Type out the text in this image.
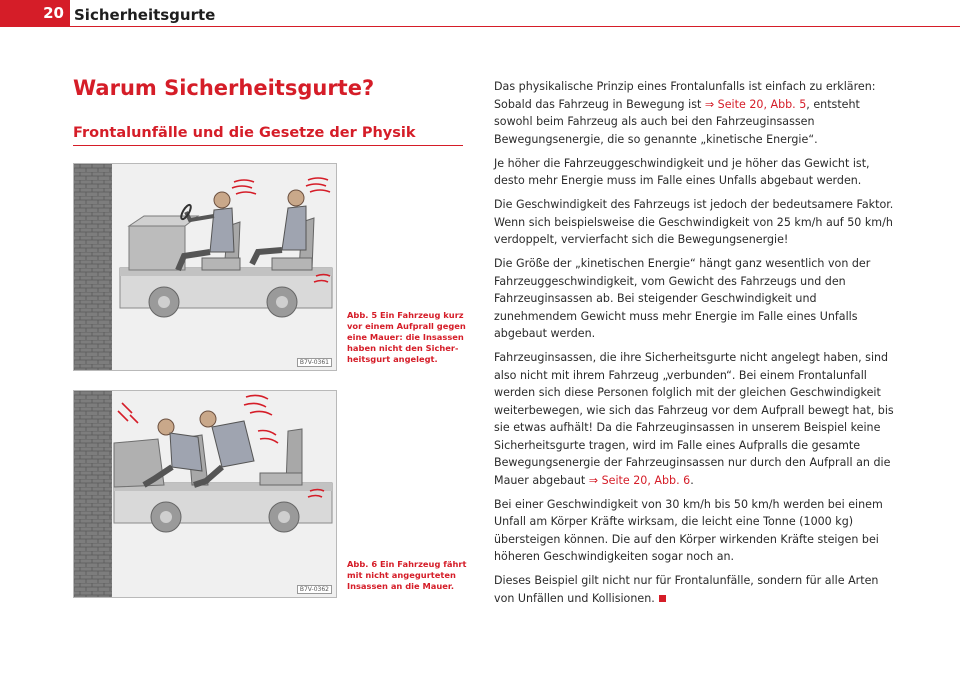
20 Sicherheitsgurte
Warum Sicherheitsgurte?
Frontalunfälle und die Gesetze der Physik
B7V-0361

Abb. 5 Ein Fahrzeug kurz vor einem Aufprall gegen eine Mauer: die Insassen haben nicht den Sicherheitsgurt angelegt.

B7V-0362

Abb. 6 Ein Fahrzeug fährt mit nicht angegurteten Insassen an die Mauer.

Das physikalische Prinzip eines Frontalunfalls ist einfach zu erklären: Sobald das Fahrzeug in Bewegung ist ⇒ Seite 20, Abb. 5, entsteht sowohl beim Fahrzeug als auch bei den Fahrzeuginsassen Bewegungsenergie, die so genannte „kinetische Energie“.

Je höher die Fahrzeuggeschwindigkeit und je höher das Gewicht ist, desto mehr Energie muss im Falle eines Unfalls abgebaut werden.

Die Geschwindigkeit des Fahrzeugs ist jedoch der bedeutsamere Faktor. Wenn sich beispielsweise die Geschwindigkeit von 25 km/h auf 50 km/h verdoppelt, vervierfacht sich die Bewegungsenergie!

Die Größe der „kinetischen Energie“ hängt ganz wesentlich von der Fahrzeuggeschwindigkeit, vom Gewicht des Fahrzeugs und den Fahrzeuginsassen ab. Bei steigender Geschwindigkeit und zunehmendem Gewicht muss mehr Energie im Falle eines Unfalls abgebaut werden.

Fahrzeuginsassen, die ihre Sicherheitsgurte nicht angelegt haben, sind also nicht mit ihrem Fahrzeug „verbunden“. Bei einem Frontalunfall werden sich diese Personen folglich mit der gleichen Geschwindigkeit weiterbewegen, wie sich das Fahrzeug vor dem Aufprall bewegt hat, bis sie etwas aufhält! Da die Fahrzeuginsassen in unserem Beispiel keine Sicherheitsgurte tragen, wird im Falle eines Aufpralls die gesamte Bewegungsenergie der Fahrzeuginsassen nur durch den Aufprall an die Mauer abgebaut ⇒ Seite 20, Abb. 6.

Bei einer Geschwindigkeit von 30 km/h bis 50 km/h werden bei einem Unfall am Körper Kräfte wirksam, die leicht eine Tonne (1000 kg) übersteigen können. Die auf den Körper wirkenden Kräfte steigen bei höheren Geschwindigkeiten sogar noch an.

Dieses Beispiel gilt nicht nur für Frontalunfälle, sondern für alle Arten von Unfällen und Kollisionen.
